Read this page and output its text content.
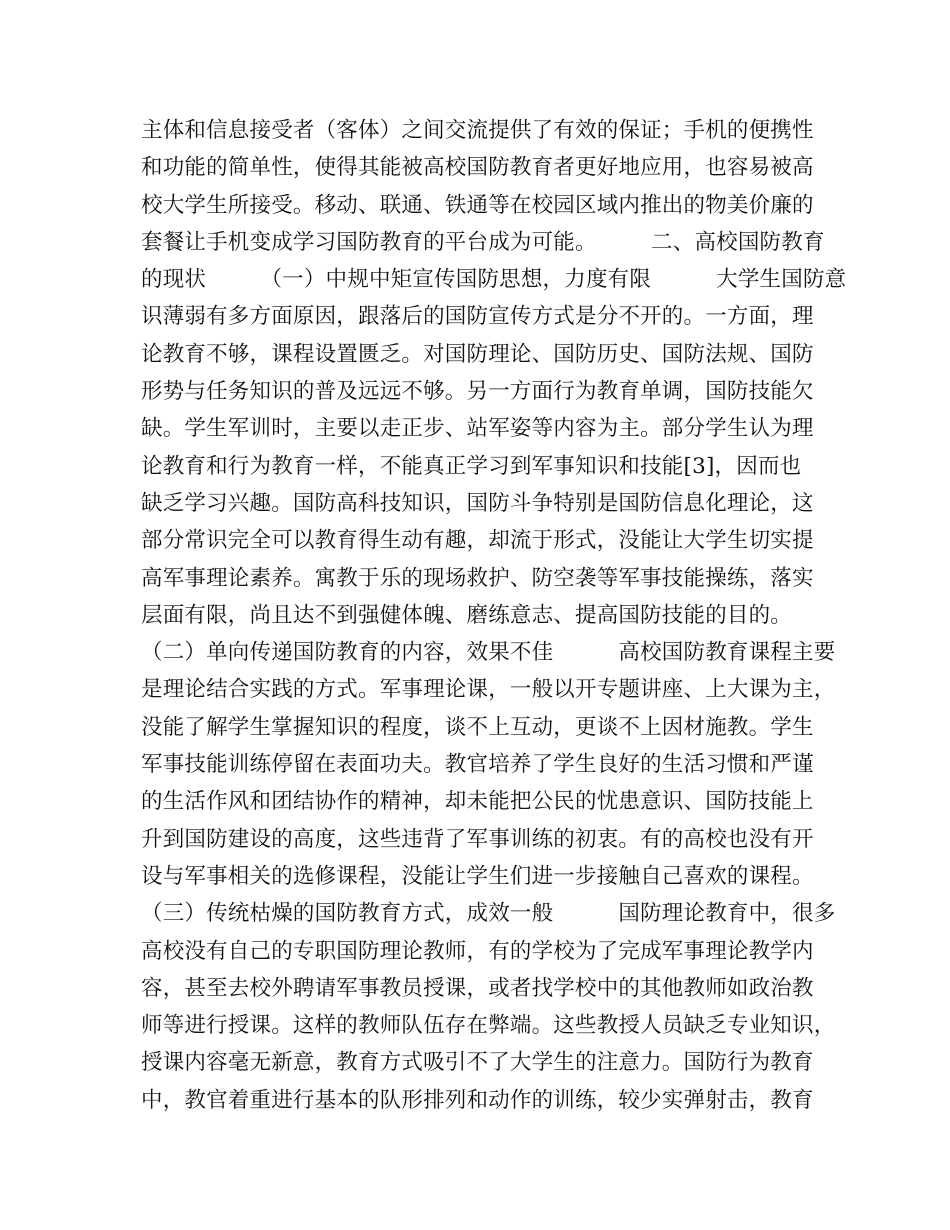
主体和信息接受者（客体）之间交流提供了有效的保证；手机的便携性
和功能的简单性，使得其能被高校国防教育者更好地应用，也容易被高
校大学生所接受。移动、联通、铁通等在校园区域内推出的物美价廉的
套餐让手机变成学习国防教育的平台成为可能。　　　二、高校国防教育
的现状　　　（一）中规中矩宣传国防思想，力度有限　　　大学生国防意
识薄弱有多方面原因，跟落后的国防宣传方式是分不开的。一方面，理
论教育不够，课程设置匮乏。对国防理论、国防历史、国防法规、国防
形势与任务知识的普及远远不够。另一方面行为教育单调，国防技能欠
缺。学生军训时，主要以走正步、站军姿等内容为主。部分学生认为理
论教育和行为教育一样，不能真正学习到军事知识和技能[3]，因而也
缺乏学习兴趣。国防高科技知识，国防斗争特别是国防信息化理论，这
部分常识完全可以教育得生动有趣，却流于形式，没能让大学生切实提
高军事理论素养。寓教于乐的现场救护、防空袭等军事技能操练，落实
层面有限，尚且达不到强健体魄、磨练意志、提高国防技能的目的。
（二）单向传递国防教育的内容，效果不佳　　　高校国防教育课程主要
是理论结合实践的方式。军事理论课，一般以开专题讲座、上大课为主，
没能了解学生掌握知识的程度，谈不上互动，更谈不上因材施教。学生
军事技能训练停留在表面功夫。教官培养了学生良好的生活习惯和严谨
的生活作风和团结协作的精神，却未能把公民的忧患意识、国防技能上
升到国防建设的高度，这些违背了军事训练的初衷。有的高校也没有开
设与军事相关的选修课程，没能让学生们进一步接触自己喜欢的课程。
（三）传统枯燥的国防教育方式，成效一般　　　国防理论教育中，很多
高校没有自己的专职国防理论教师，有的学校为了完成军事理论教学内
容，甚至去校外聘请军事教员授课，或者找学校中的其他教师如政治教
师等进行授课。这样的教师队伍存在弊端。这些教授人员缺乏专业知识，
授课内容毫无新意，教育方式吸引不了大学生的注意力。国防行为教育
中，教官着重进行基本的队形排列和动作的训练，较少实弹射击，教育
